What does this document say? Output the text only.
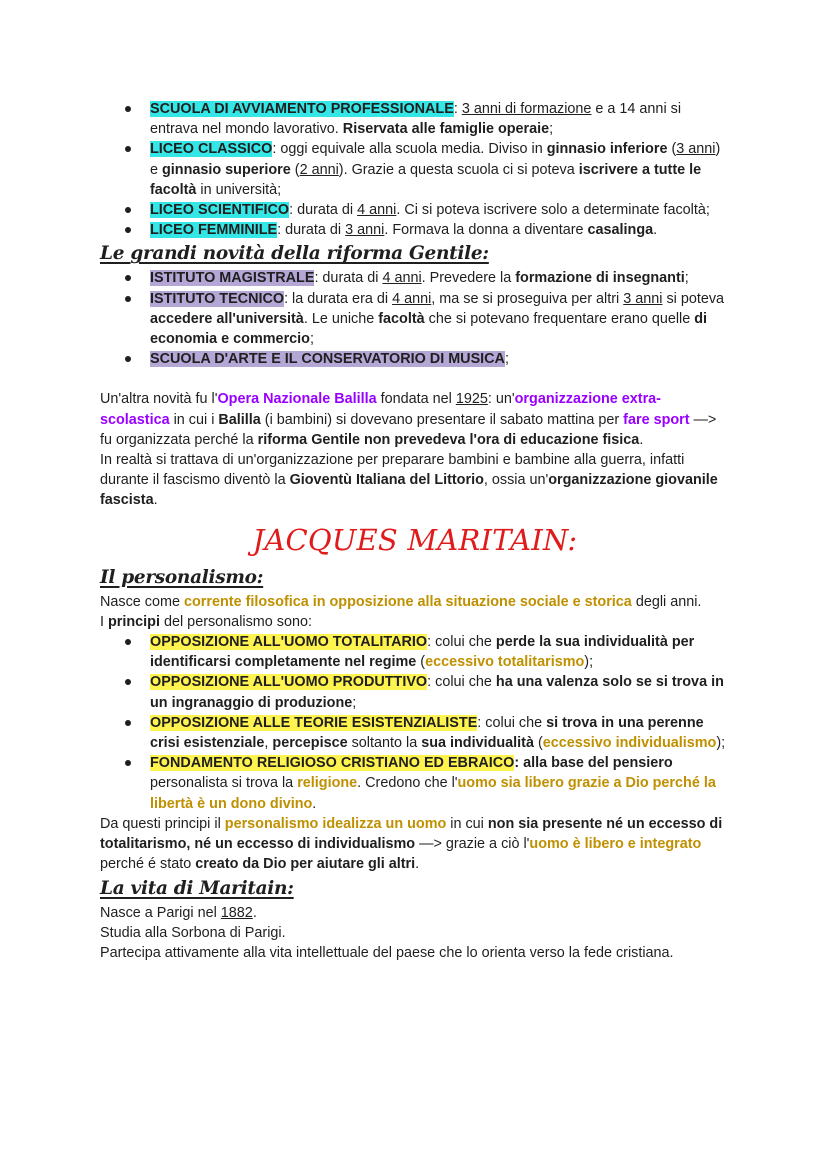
SCUOLA DI AVVIAMENTO PROFESSIONALE: 3 anni di formazione e a 14 anni si entrava nel mondo lavorativo. Riservata alle famiglie operaie;
LICEO CLASSICO: oggi equivale alla scuola media. Diviso in ginnasio inferiore (3 anni) e ginnasio superiore (2 anni). Grazie a questa scuola ci si poteva iscrivere a tutte le facoltà in università;
LICEO SCIENTIFICO: durata di 4 anni. Ci si poteva iscrivere solo a determinate facoltà;
LICEO FEMMINILE: durata di 3 anni. Formava la donna a diventare casalinga.
Le grandi novità della riforma Gentile:
ISTITUTO MAGISTRALE: durata di 4 anni. Prevedere la formazione di insegnanti;
ISTITUTO TECNICO: la durata era di 4 anni, ma se si proseguiva per altri 3 anni si poteva accedere all'università. Le uniche facoltà che si potevano frequentare erano quelle di economia e commercio;
SCUOLA D'ARTE E IL CONSERVATORIO DI MUSICA;

Un'altra novità fu l'Opera Nazionale Balilla fondata nel 1925: un'organizzazione extra-scolastica in cui i Balilla (i bambini) si dovevano presentare il sabato mattina per fare sport —> fu organizzata perché la riforma Gentile non prevedeva l'ora di educazione fisica.

In realtà si trattava di un'organizzazione per preparare bambini e bambine alla guerra, infatti durante il fascismo diventò la Gioventù Italiana del Littorio, ossia un'organizzazione giovanile fascista.

JACQUES MARITAIN:
Il personalismo:

Nasce come corrente filosofica in opposizione alla situazione sociale e storica degli anni.

I principi del personalismo sono:

OPPOSIZIONE ALL'UOMO TOTALITARIO: colui che perde la sua individualità per identificarsi completamente nel regime (eccessivo totalitarismo);
OPPOSIZIONE ALL'UOMO PRODUTTIVO: colui che ha una valenza solo se si trova in un ingranaggio di produzione;
OPPOSIZIONE ALLE TEORIE ESISTENZIALISTE: colui che si trova in una perenne crisi esistenziale, percepisce soltanto la sua individualità (eccessivo individualismo);
FONDAMENTO RELIGIOSO CRISTIANO ED EBRAICO: alla base del pensiero personalista si trova la religione. Credono che l'uomo sia libero grazie a Dio perché la libertà è un dono divino.

Da questi principi il personalismo idealizza un uomo in cui non sia presente né un eccesso di totalitarismo, né un eccesso di individualismo —> grazie a ciò l'uomo è libero e integrato perché é stato creato da Dio per aiutare gli altri.

La vita di Maritain:

Nasce a Parigi nel 1882.

Studia alla Sorbona di Parigi.

Partecipa attivamente alla vita intellettuale del paese che lo orienta verso la fede cristiana.
